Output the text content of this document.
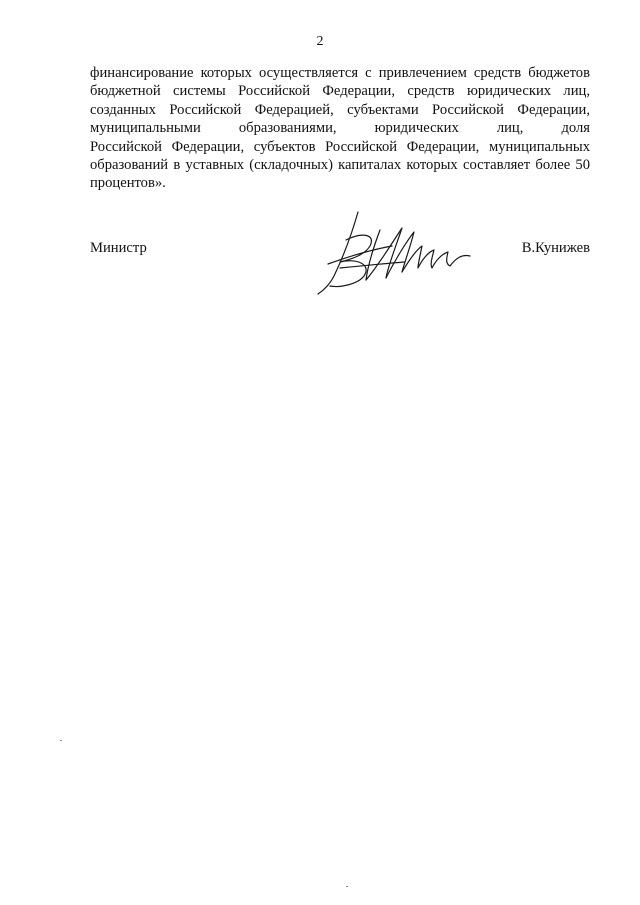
2
финансирование которых осуществляется с привлечением средств бюджетов
бюджетной системы Российской Федерации, средств юридических лиц,
созданных Российской Федерацией, субъектами Российской Федерации,
муниципальными образованиями, юридических лиц, доля
Российской Федерации, субъектов Российской Федерации, муниципальных
образований в уставных (складочных) капиталах которых составляет более 50
процентов».
Министр	В.Кунижев
